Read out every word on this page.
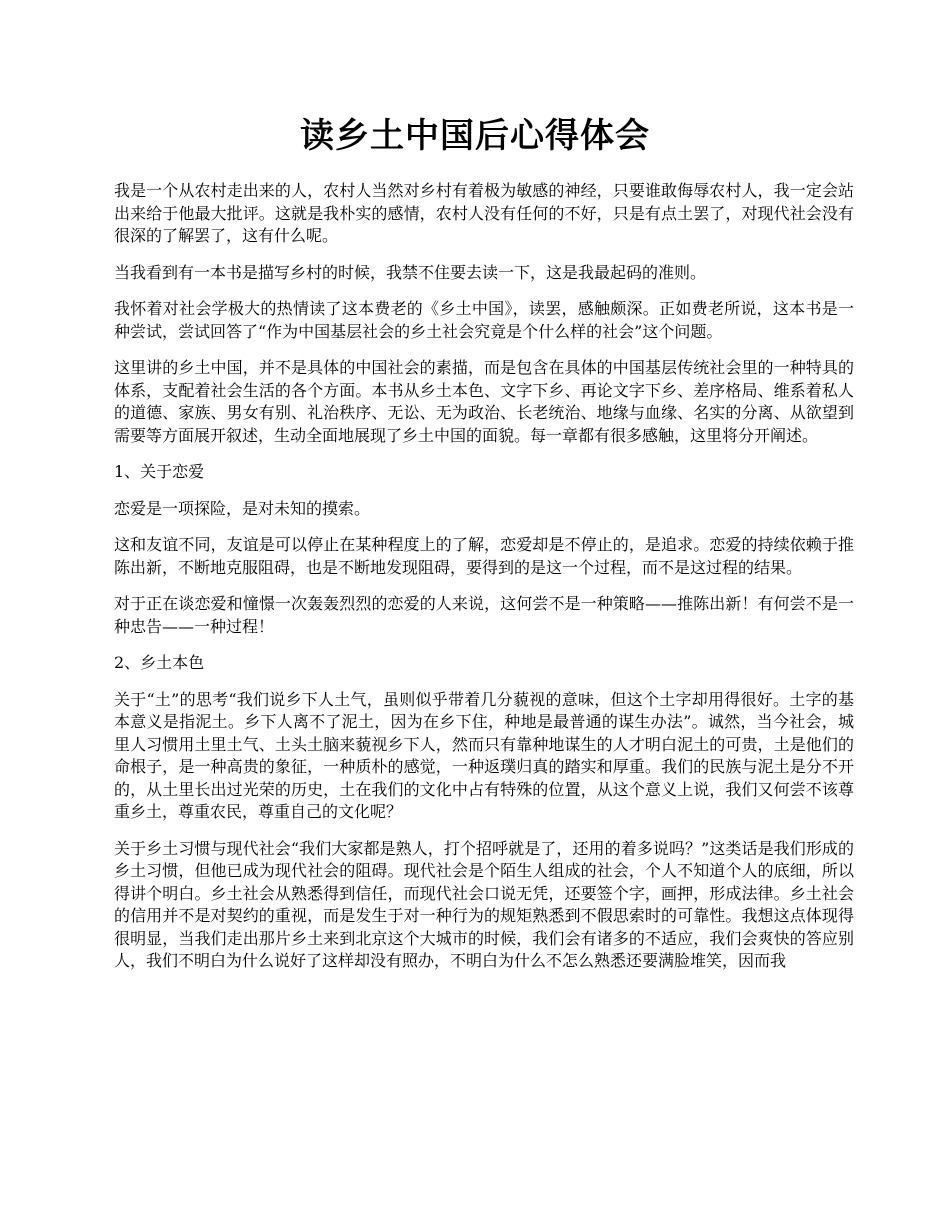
读乡土中国后心得体会

我是一个从农村走出来的人，农村人当然对乡村有着极为敏感的神经，只要谁敢侮辱农村人，我一定会站出来给于他最大批评。这就是我朴实的感情，农村人没有任何的不好，只是有点土罢了，对现代社会没有很深的了解罢了，这有什么呢。

当我看到有一本书是描写乡村的时候，我禁不住要去读一下，这是我最起码的准则。

我怀着对社会学极大的热情读了这本费老的《乡土中国》，读罢，感触颇深。正如费老所说，这本书是一种尝试，尝试回答了“作为中国基层社会的乡土社会究竟是个什么样的社会”这个问题。

这里讲的乡土中国，并不是具体的中国社会的素描，而是包含在具体的中国基层传统社会里的一种特具的体系，支配着社会生活的各个方面。本书从乡土本色、文字下乡、再论文字下乡、差序格局、维系着私人的道德、家族、男女有别、礼治秩序、无讼、无为政治、长老统治、地缘与血缘、名实的分离、从欲望到需要等方面展开叙述，生动全面地展现了乡土中国的面貌。每一章都有很多感触，这里将分开阐述。

1、关于恋爱

恋爱是一项探险，是对未知的摸索。

这和友谊不同，友谊是可以停止在某种程度上的了解，恋爱却是不停止的，是追求。恋爱的持续依赖于推陈出新，不断地克服阻碍，也是不断地发现阻碍，要得到的是这一个过程，而不是这过程的结果。

对于正在谈恋爱和憧憬一次轰轰烈烈的恋爱的人来说，这何尝不是一种策略——推陈出新！有何尝不是一种忠告——一种过程！

2、乡土本色

关于“土”的思考“我们说乡下人土气，虽则似乎带着几分藐视的意味，但这个土字却用得很好。土字的基本意义是指泥土。乡下人离不了泥土，因为在乡下住，种地是最普通的谋生办法”。诚然，当今社会，城里人习惯用土里土气、土头土脑来藐视乡下人，然而只有靠种地谋生的人才明白泥土的可贵，土是他们的命根子，是一种高贵的象征，一种质朴的感觉，一种返璞归真的踏实和厚重。我们的民族与泥土是分不开的，从土里长出过光荣的历史，土在我们的文化中占有特殊的位置，从这个意义上说，我们又何尝不该尊重乡土，尊重农民，尊重自己的文化呢？

关于乡土习惯与现代社会“我们大家都是熟人，打个招呼就是了，还用的着多说吗？”这类话是我们形成的乡土习惯，但他已成为现代社会的阻碍。现代社会是个陌生人组成的社会，个人不知道个人的底细，所以得讲个明白。乡土社会从熟悉得到信任，而现代社会口说无凭，还要签个字，画押，形成法律。乡土社会的信用并不是对契约的重视，而是发生于对一种行为的规矩熟悉到不假思索时的可靠性。我想这点体现得很明显，当我们走出那片乡土来到北京这个大城市的时候，我们会有诸多的不适应，我们会爽快的答应别人，我们不明白为什么说好了这样却没有照办，不明白为什么不怎么熟悉还要满脸堆笑，因而我
